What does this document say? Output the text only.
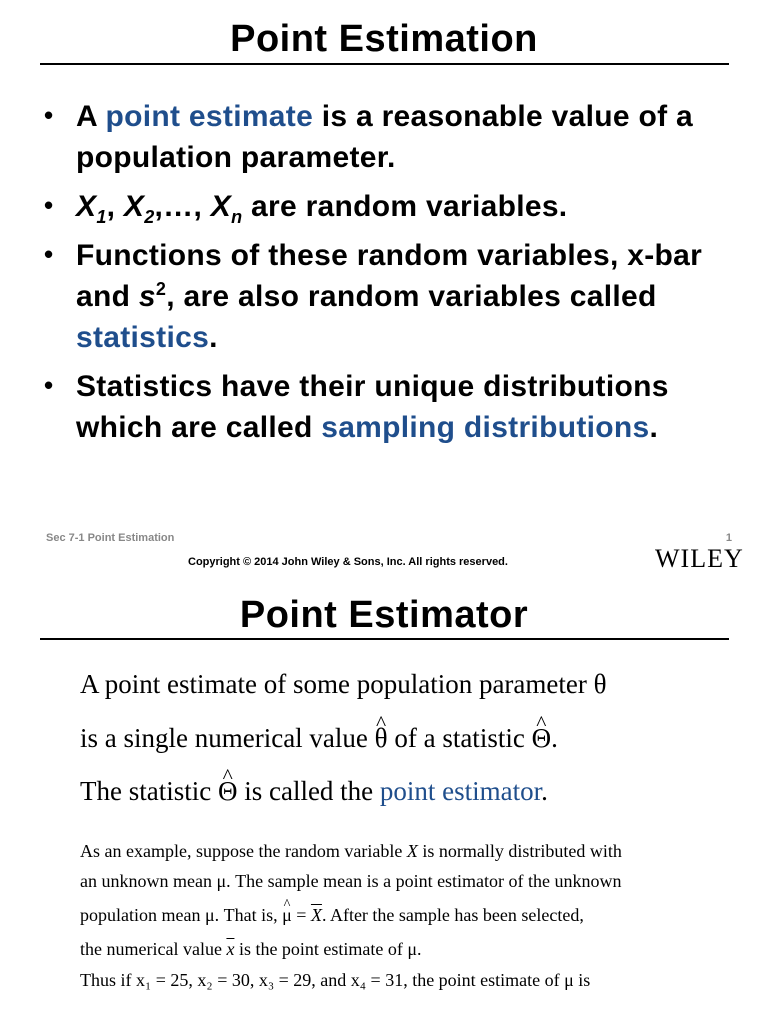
Point Estimation
• A point estimate is a reasonable value of a population parameter.
• $X_1$, $X_2,\dots$, $X_n$ are random variables.
• Functions of these random variables, x-bar and $s^2$, are also random variables called statistics.
• Statistics have their unique distributions which are called sampling distributions.
Sec 7-1 Point Estimation	1
Copyright © 2014 John Wiley & Sons, Inc. All rights reserved.	WILEY
Point Estimator
A point estimate of some population parameter θ
is a single numerical value ^ θ of a statistic ^ Θ.
The statistic ^ Θ is called the point estimator.
As an example, suppose the random variable X is normally distributed with
an unknown mean μ. The sample mean is a point estimator of the unknown
population mean μ. That is, ^ $\mu = \overline{X}$. After the sample has been selected,
the numerical value $\overline{x}$ is the point estimate of μ.
Thus if x₁ = 25, x₂ = 30, x₃ = 29, and x₄ = 31, the point estimate of μ is
